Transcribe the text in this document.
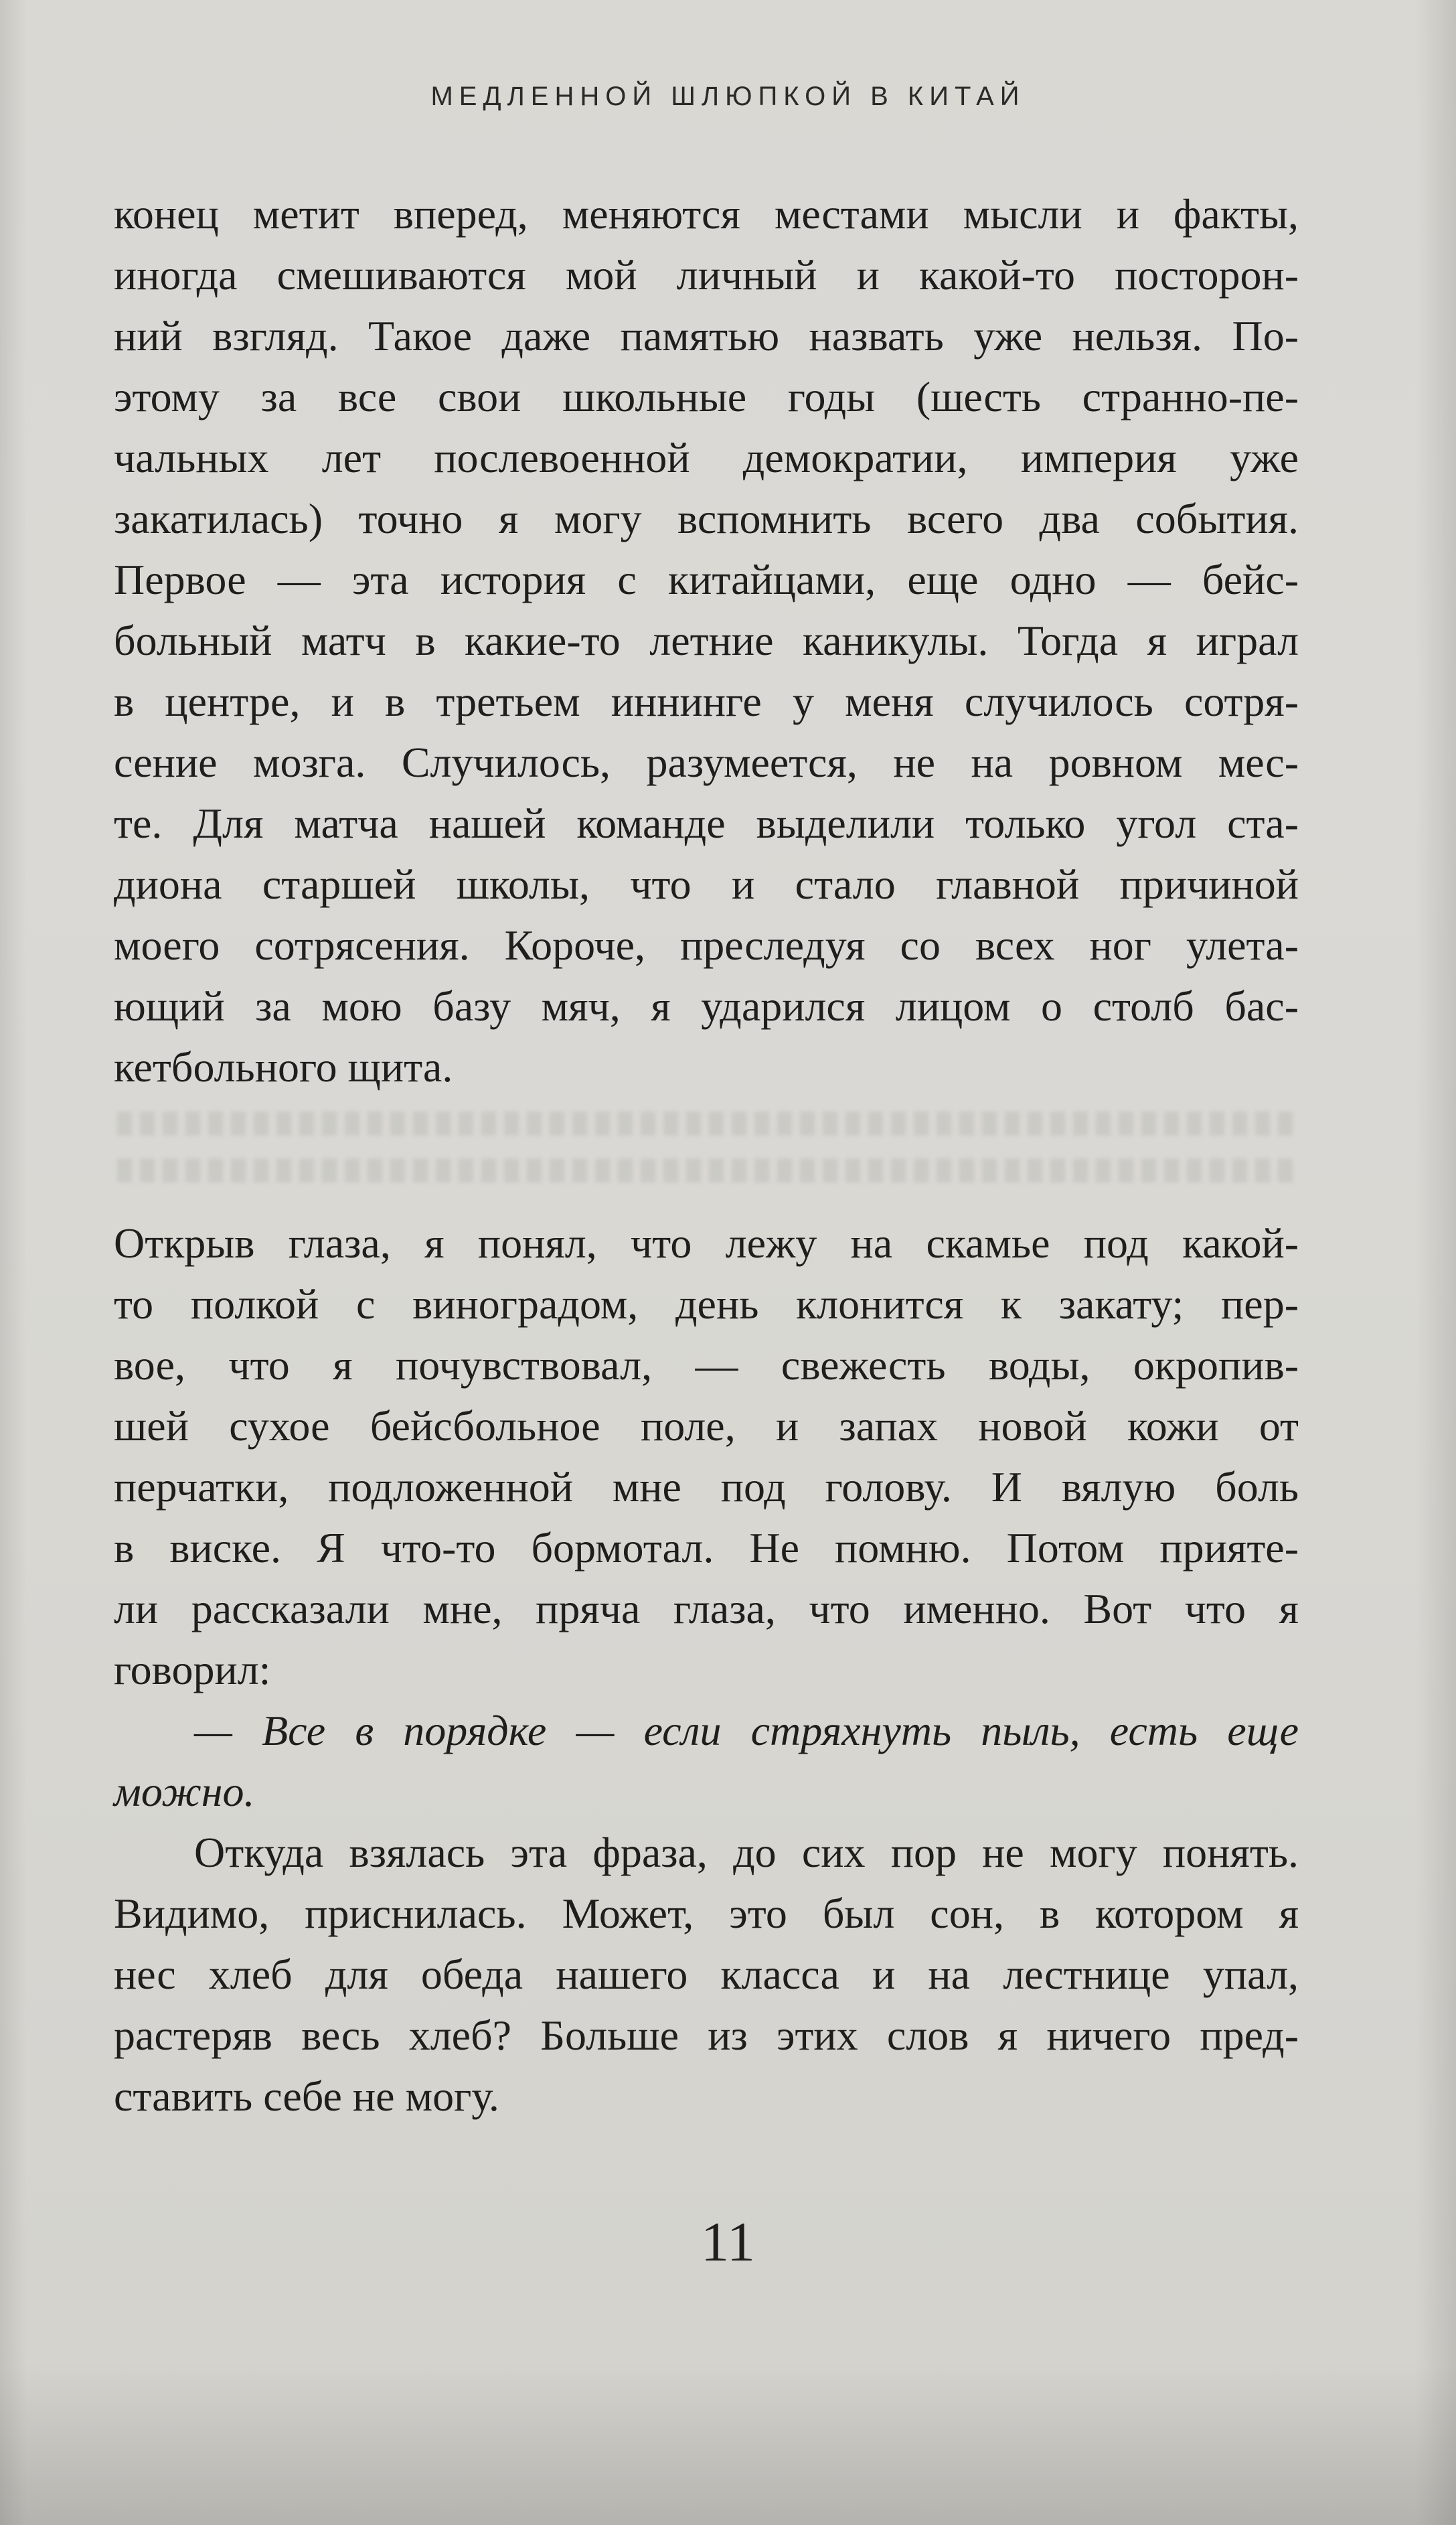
МЕДЛЕННОЙ ШЛЮПКОЙ В КИТАЙ
конец метит вперед, меняются местами мысли и факты,
иногда смешиваются мой личный и какой-то посторон-
ний взгляд. Такое даже памятью назвать уже нельзя. По-
этому за все свои школьные годы (шесть странно-пе-
чальных лет послевоенной демократии, империя уже
закатилась) точно я могу вспомнить всего два события.
Первое — эта история с китайцами, еще одно — бейс-
больный матч в какие-то летние каникулы. Тогда я играл
в центре, и в третьем иннинге у меня случилось сотря-
сение мозга. Случилось, разумеется, не на ровном мес-
те. Для матча нашей команде выделили только угол ста-
диона старшей школы, что и стало главной причиной
моего сотрясения. Короче, преследуя со всех ног улета-
ющий за мою базу мяч, я ударился лицом о столб бас-
кетбольного щита.
Открыв глаза, я понял, что лежу на скамье под какой-
то полкой с виноградом, день клонится к закату; пер-
вое, что я почувствовал, — свежесть воды, окропив-
шей сухое бейсбольное поле, и запах новой кожи от
перчатки, подложенной мне под голову. И вялую боль
в виске. Я что-то бормотал. Не помню. Потом прияте-
ли рассказали мне, пряча глаза, что именно. Вот что я
говорил:
— Все в порядке — если стряхнуть пыль, есть еще
можно.
Откуда взялась эта фраза, до сих пор не могу понять.
Видимо, приснилась. Может, это был сон, в котором я
нес хлеб для обеда нашего класса и на лестнице упал,
растеряв весь хлеб? Больше из этих слов я ничего пред-
ставить себе не могу.
11
